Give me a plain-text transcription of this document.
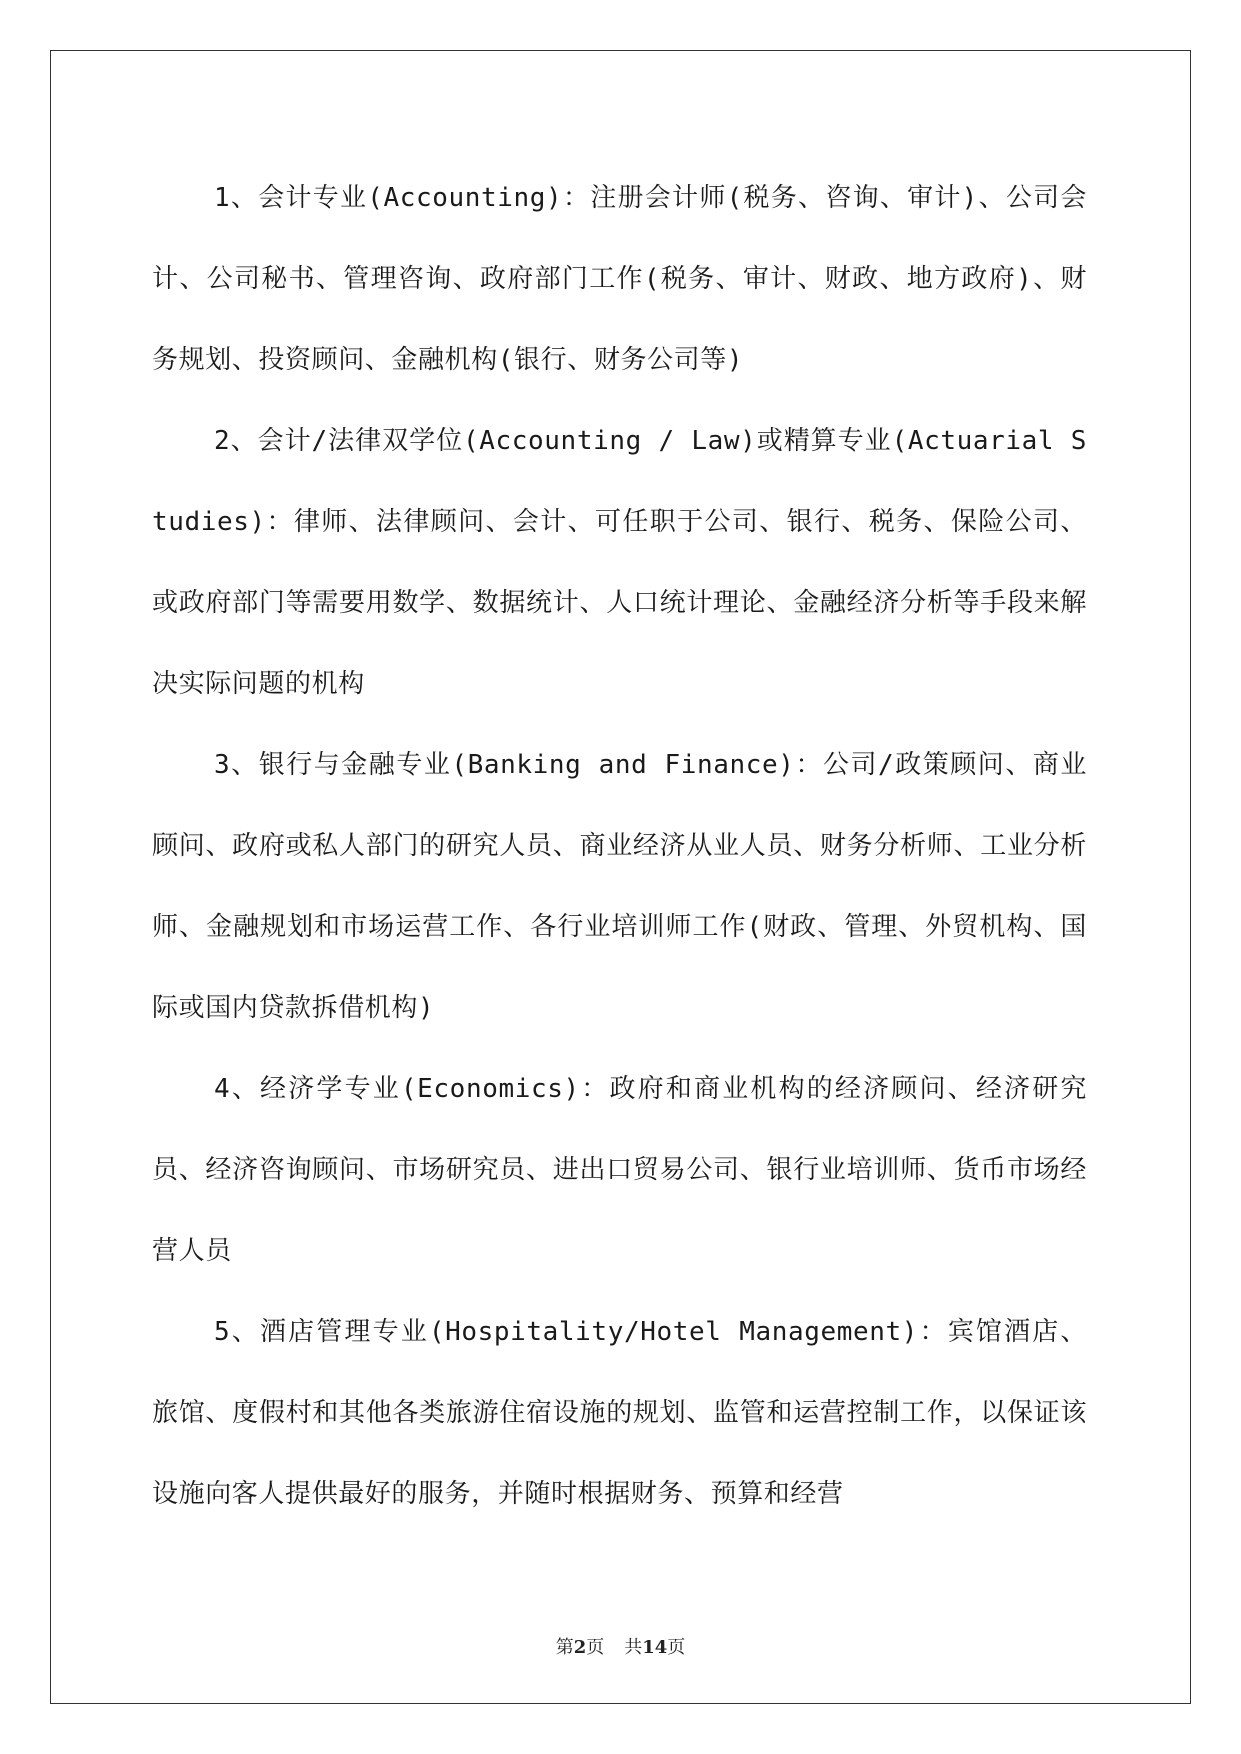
1、会计专业(Accounting)：注册会计师(税务、咨询、审计)、公司会计、公司秘书、管理咨询、政府部门工作(税务、审计、财政、地方政府)、财务规划、投资顾问、金融机构(银行、财务公司等)

2、会计/法律双学位(Accounting / Law)或精算专业(Actuarial Studies)：律师、法律顾问、会计、可任职于公司、银行、税务、保险公司、或政府部门等需要用数学、数据统计、人口统计理论、金融经济分析等手段来解决实际问题的机构

3、银行与金融专业(Banking and Finance)：公司/政策顾问、商业顾问、政府或私人部门的研究人员、商业经济从业人员、财务分析师、工业分析师、金融规划和市场运营工作、各行业培训师工作(财政、管理、外贸机构、国际或国内贷款拆借机构)

4、经济学专业(Economics)：政府和商业机构的经济顾问、经济研究员、经济咨询顾问、市场研究员、进出口贸易公司、银行业培训师、货币市场经营人员

5、酒店管理专业(Hospitality/Hotel Management)：宾馆酒店、旅馆、度假村和其他各类旅游住宿设施的规划、监管和运营控制工作，以保证该设施向客人提供最好的服务，并随时根据财务、预算和经营

第2页 共14页
